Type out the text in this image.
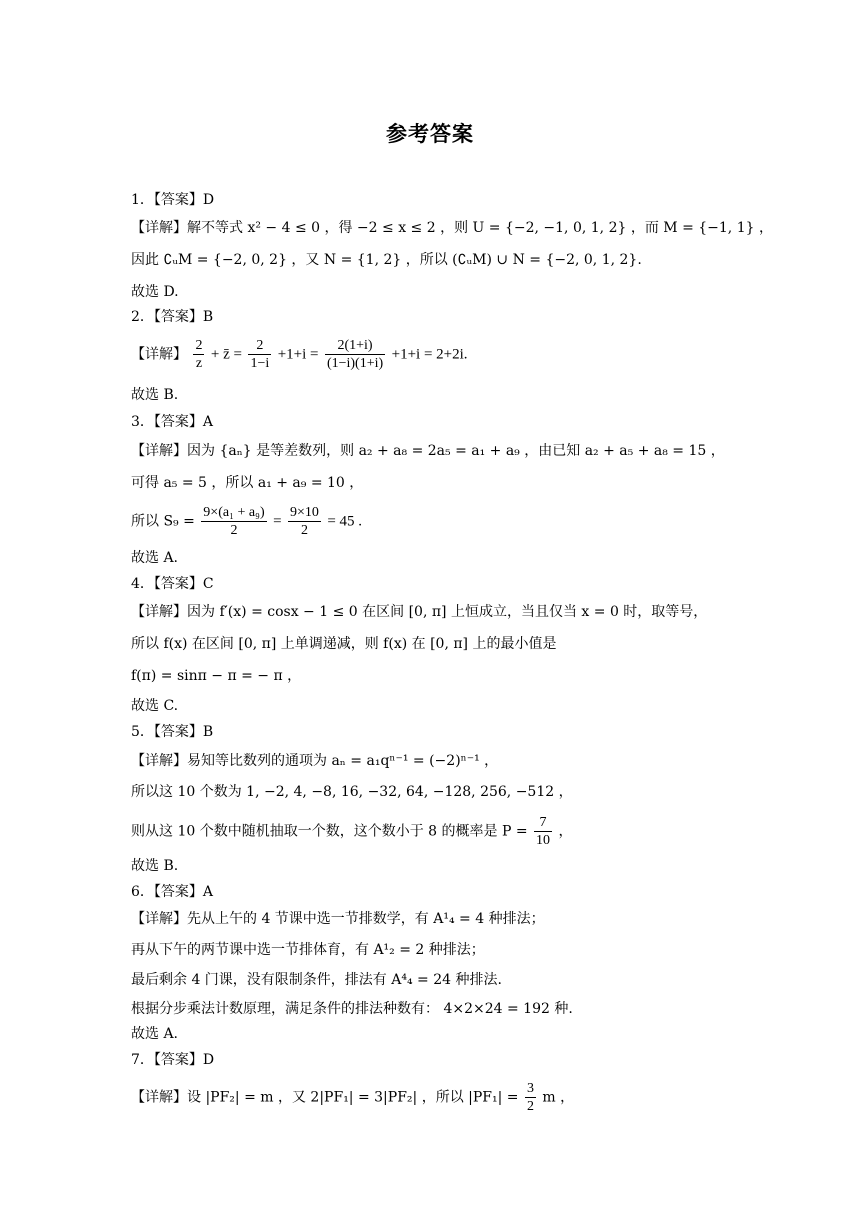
参考答案
1．【答案】D
【详解】解不等式 x² − 4 ≤ 0 ，得 −2 ≤ x ≤ 2 ，则 U = {−2, −1, 0, 1, 2} ，而 M = {−1, 1} ，
因此 ∁ᵤM = {−2, 0, 2} ，又 N = {1, 2} ，所以 (∁ᵤM) ∪ N = {−2, 0, 1, 2}.
故选 D.
2．【答案】B
【详解】 $\frac{2}{z}$ + z̄ = $\frac{2}{1-i} +1+i = \frac{2(1+i)}{(1-i)(1+i)} +1+i = 2+2i$.
故选 B.
3．【答案】A
【详解】因为 {aₙ} 是等差数列，则 a₂ + a₈ = 2a₅ = a₁ + a₉ ，由已知 a₂ + a₅ + a₈ = 15 ，
可得 a₅ = 5 ，所以 a₁ + a₉ = 10 ，
所以 $S_9 = \frac{\text{9×(a₁ + a₉)}}{2} = \frac{9\times 10}{2} = 45$ .
故选 A.
4．【答案】C
【详解】因为 f′(x) = cosx − 1 ≤ 0 在区间 [0, π] 上恒成立，当且仅当 x = 0 时，取等号，
所以 f(x) 在区间 [0, π] 上单调递减，则 f(x) 在 [0, π] 上的最小值是
f(π) = sinπ − π = − π ，
故选 C.
5．【答案】B
【详解】易知等比数列的通项为 aₙ = a₁qⁿ⁻¹ = (−2)ⁿ⁻¹ ，
所以这 10 个数为 1, −2, 4, −8, 16, −32, 64, −128, 256, −512 ，
则从这 10 个数中随机抽取一个数，这个数小于 8 的概率是 $P = \frac{7}{10}$ ，
故选 B.
6．【答案】A
【详解】先从上午的 4 节课中选一节排数学，有 A¹₄ = 4 种排法；
再从下午的两节课中选一节排体育，有 A¹₂ = 2 种排法；
最后剩余 4 门课，没有限制条件，排法有 A⁴₄ = 24 种排法.
根据分步乘法计数原理，满足条件的排法种数有： 4×2×24 = 192 种.
故选 A.
7．【答案】D
【详解】设 |PF₂| = m ，又 2|PF₁| = 3|PF₂| ，所以 $|PF_1| = \frac{3}{2}$ m ，
